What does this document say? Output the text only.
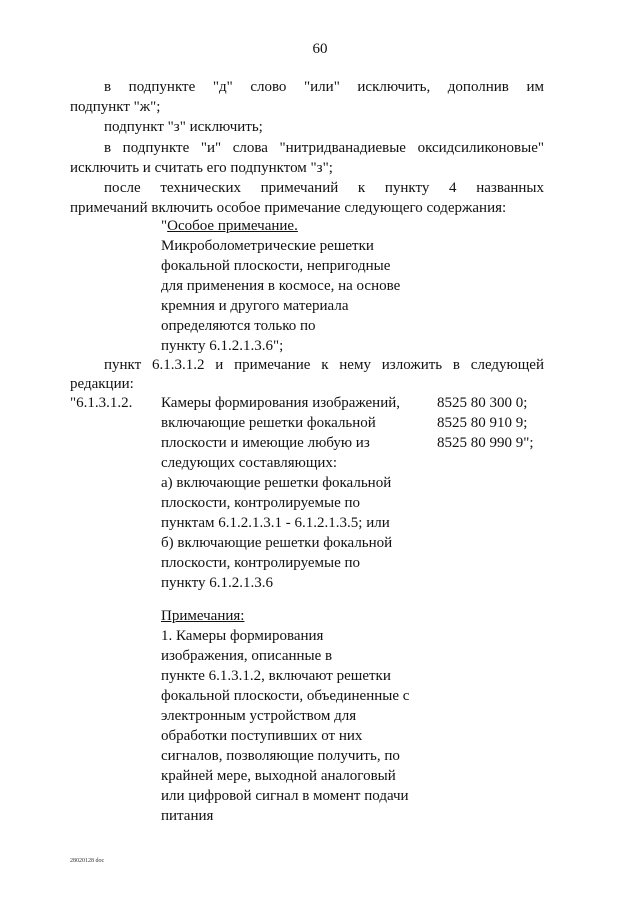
60
в подпункте "д" слово "или" исключить, дополнив им
подпункт "ж";
подпункт "з" исключить;
в подпункте "и" слова "нитридванадиевые оксидсиликоновые"
исключить и считать его подпунктом "з";
после технических примечаний к пункту 4 названных
примечаний включить особое примечание следующего содержания:
"Особое примечание.
Микроболометрические решетки
фокальной плоскости, непригодные
для применения в космосе, на основе
кремния и другого материала
определяются только по
пункту 6.1.2.1.3.6";
пункт 6.1.3.1.2 и примечание к нему изложить в следующей
редакции:
"6.1.3.1.2. Камеры формирования изображений,
включающие решетки фокальной
плоскости и имеющие любую из
следующих составляющих:
а) включающие решетки фокальной
плоскости, контролируемые по
пунктам 6.1.2.1.3.1 - 6.1.2.1.3.5; или
б) включающие решетки фокальной
плоскости, контролируемые по
пункту 6.1.2.1.3.6
8525 80 300 0;
8525 80 910 9;
8525 80 990 9";
Примечания:
1. Камеры формирования
изображения, описанные в
пункте 6.1.3.1.2, включают решетки
фокальной плоскости, объединенные с
электронным устройством для
обработки поступивших от них
сигналов, позволяющие получить, по
крайней мере, выходной аналоговый
или цифровой сигнал в момент подачи
питания
28020128 doc
